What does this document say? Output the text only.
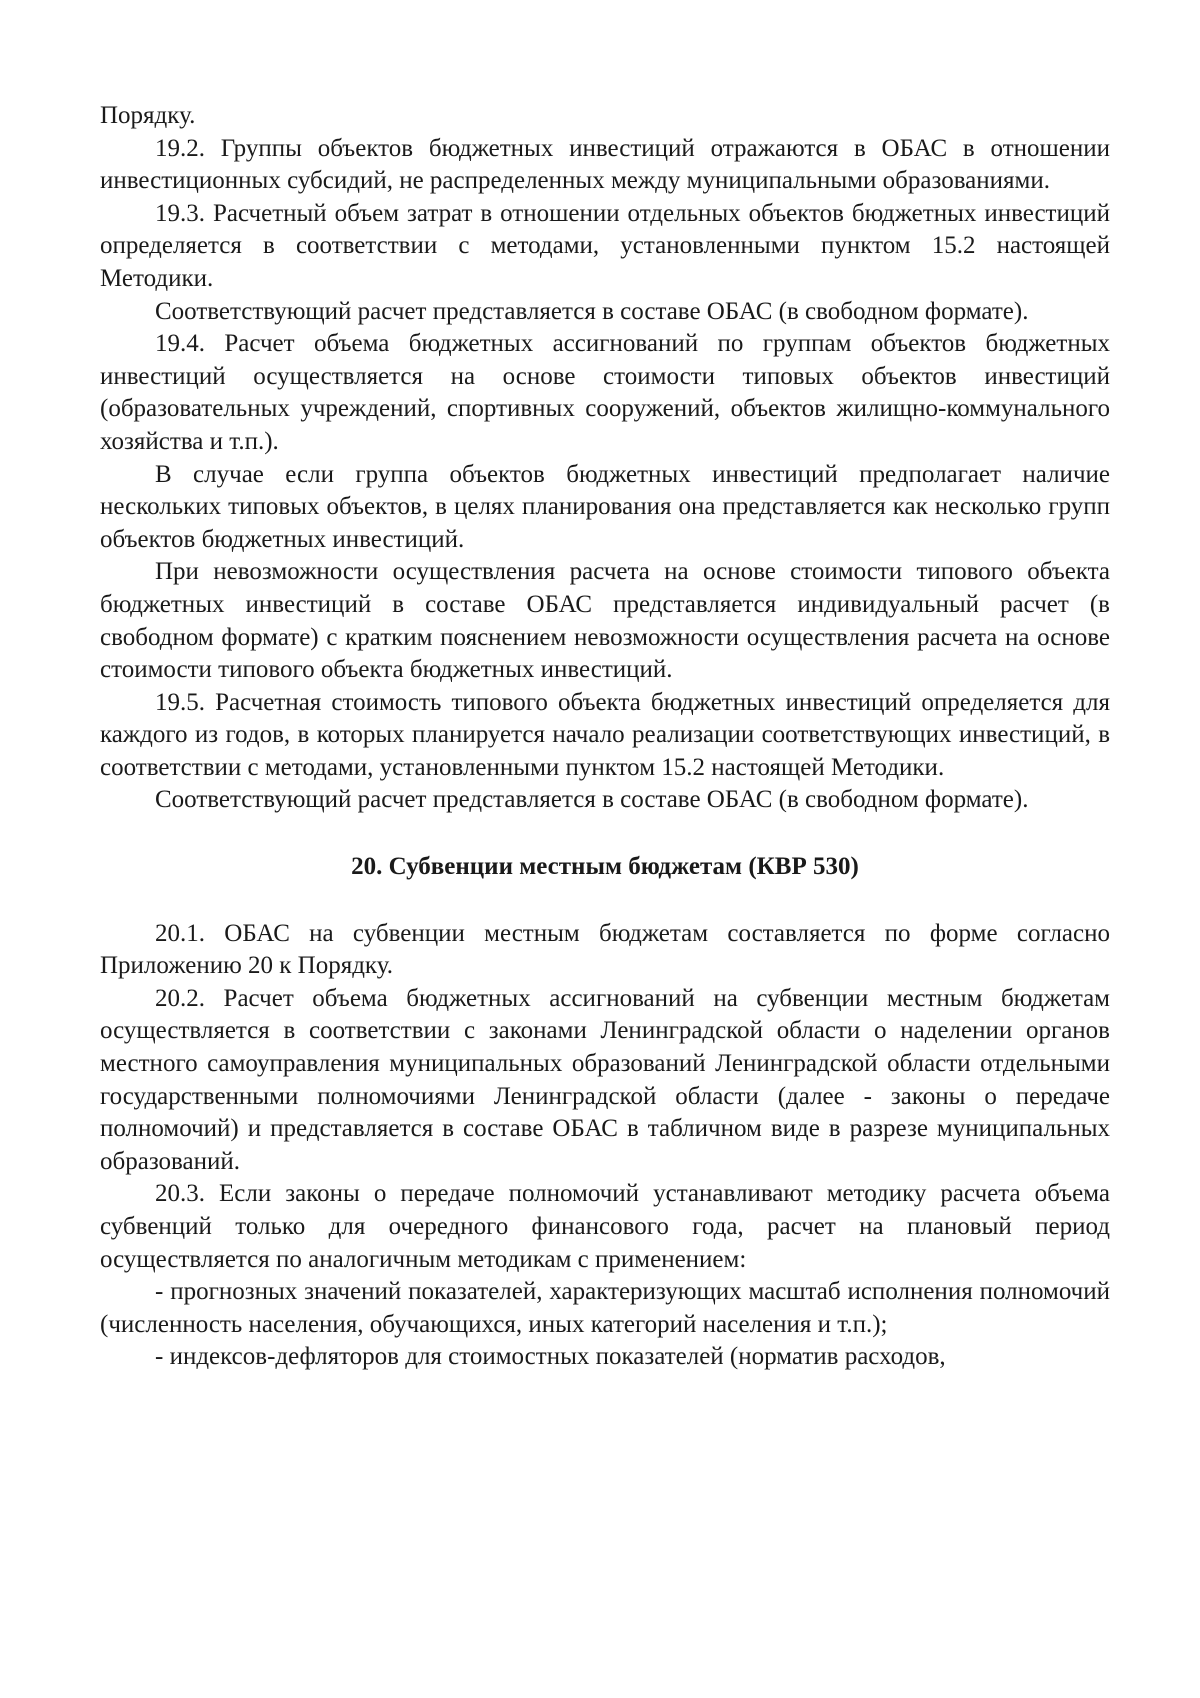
Порядку.

19.2. Группы объектов бюджетных инвестиций отражаются в ОБАС в отношении инвестиционных субсидий, не распределенных между муниципальными образованиями.

19.3. Расчетный объем затрат в отношении отдельных объектов бюджетных инвестиций определяется в соответствии с методами, установленными пунктом 15.2 настоящей Методики.

Соответствующий расчет представляется в составе ОБАС (в свободном формате).

19.4. Расчет объема бюджетных ассигнований по группам объектов бюджетных инвестиций осуществляется на основе стоимости типовых объектов инвестиций (образовательных учреждений, спортивных сооружений, объектов жилищно-коммунального хозяйства и т.п.).

В случае если группа объектов бюджетных инвестиций предполагает наличие нескольких типовых объектов, в целях планирования она представляется как несколько групп объектов бюджетных инвестиций.

При невозможности осуществления расчета на основе стоимости типового объекта бюджетных инвестиций в составе ОБАС представляется индивидуальный расчет (в свободном формате) с кратким пояснением невозможности осуществления расчета на основе стоимости типового объекта бюджетных инвестиций.

19.5. Расчетная стоимость типового объекта бюджетных инвестиций определяется для каждого из годов, в которых планируется начало реализации соответствующих инвестиций, в соответствии с методами, установленными пунктом 15.2 настоящей Методики.

Соответствующий расчет представляется в составе ОБАС (в свободном формате).

20. Субвенции местным бюджетам (КВР 530)

20.1. ОБАС на субвенции местным бюджетам составляется по форме согласно Приложению 20 к Порядку.

20.2. Расчет объема бюджетных ассигнований на субвенции местным бюджетам осуществляется в соответствии с законами Ленинградской области о наделении органов местного самоуправления муниципальных образований Ленинградской области отдельными государственными полномочиями Ленинградской области (далее - законы о передаче полномочий) и представляется в составе ОБАС в табличном виде в разрезе муниципальных образований.

20.3. Если законы о передаче полномочий устанавливают методику расчета объема субвенций только для очередного финансового года, расчет на плановый период осуществляется по аналогичным методикам с применением:

- прогнозных значений показателей, характеризующих масштаб исполнения полномочий (численность населения, обучающихся, иных категорий населения и т.п.);

- индексов-дефляторов для стоимостных показателей (норматив расходов,
